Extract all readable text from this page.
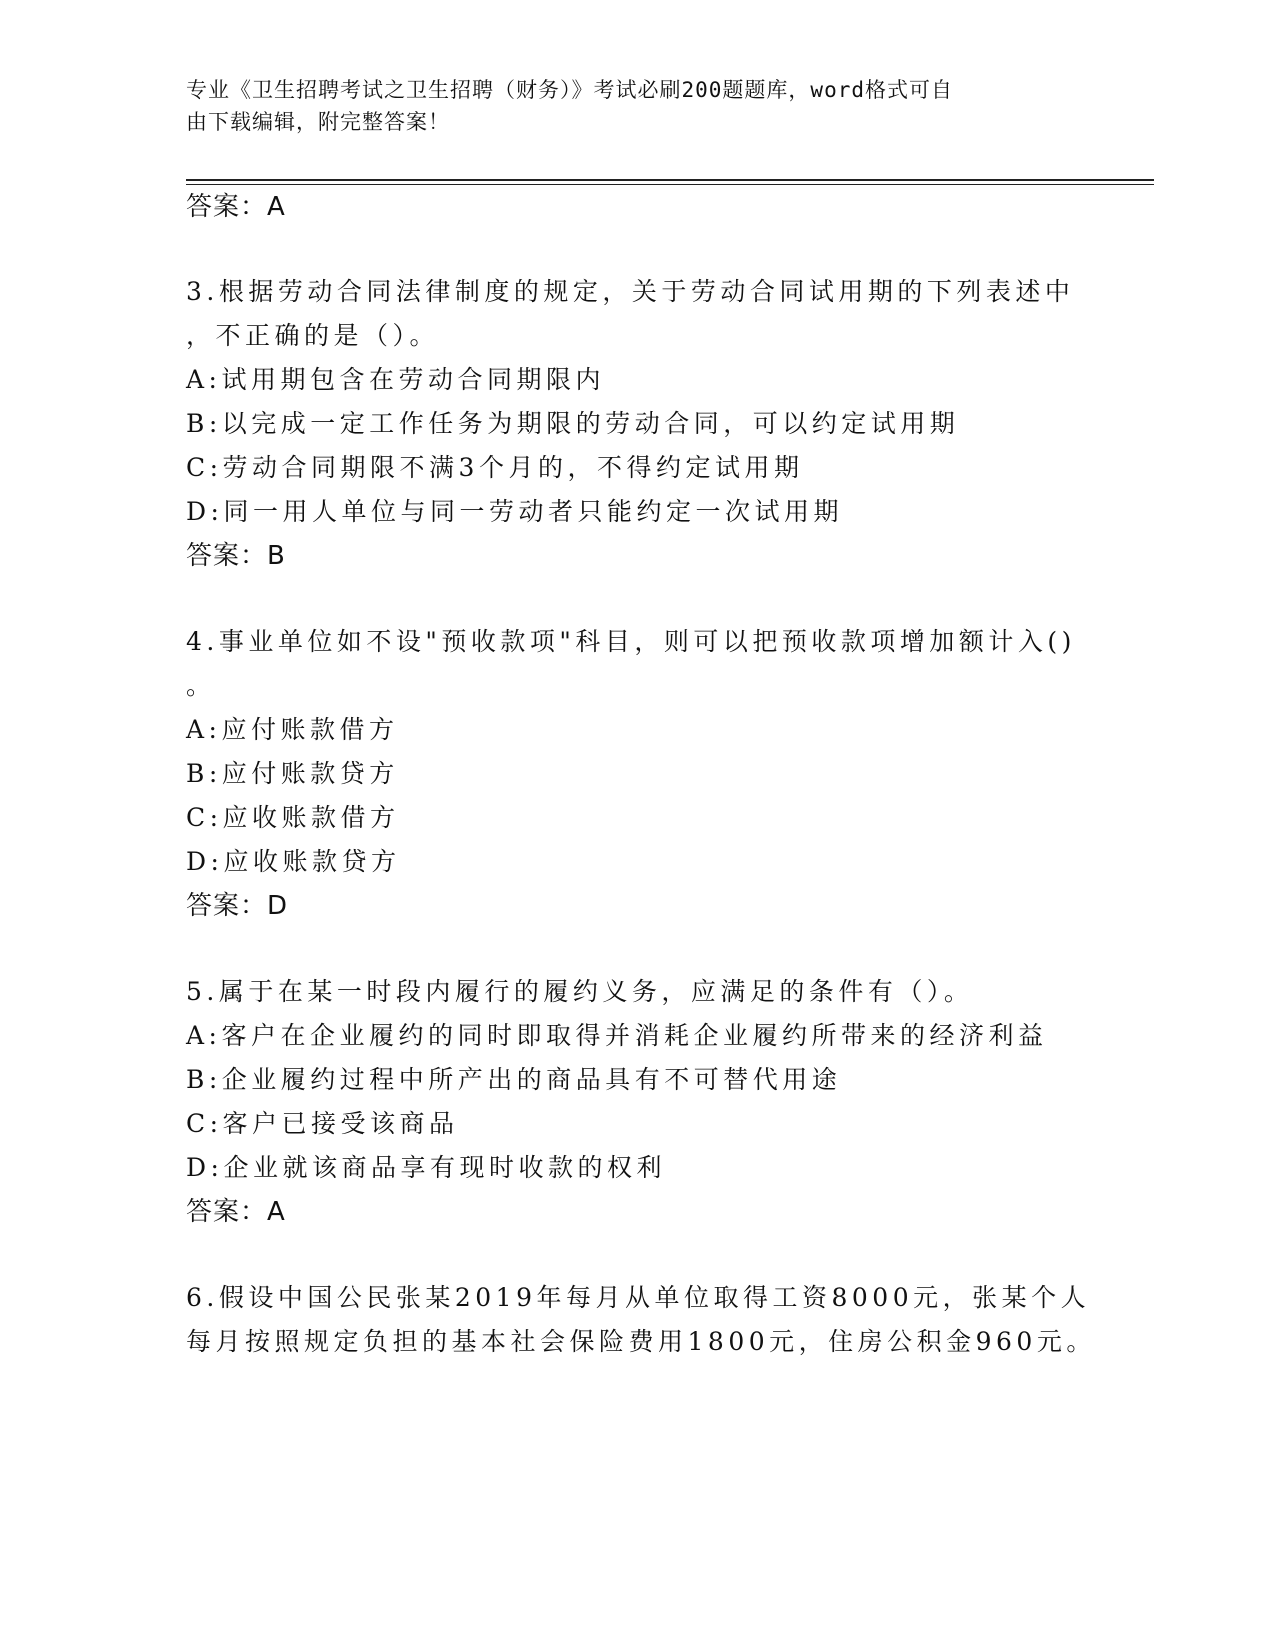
专业《卫生招聘考试之卫生招聘（财务）》考试必刷200题题库，word格式可自
由下载编辑，附完整答案！
答案：A
3.根据劳动合同法律制度的规定，关于劳动合同试用期的下列表述中
，不正确的是（）。
A:试用期包含在劳动合同期限内
B:以完成一定工作任务为期限的劳动合同，可以约定试用期
C:劳动合同期限不满3个月的，不得约定试用期
D:同一用人单位与同一劳动者只能约定一次试用期
答案：B
4.事业单位如不设"预收款项"科目，则可以把预收款项增加额计入()
。
A:应付账款借方
B:应付账款贷方
C:应收账款借方
D:应收账款贷方
答案：D
5.属于在某一时段内履行的履约义务，应满足的条件有（）。
A:客户在企业履约的同时即取得并消耗企业履约所带来的经济利益
B:企业履约过程中所产出的商品具有不可替代用途
C:客户已接受该商品
D:企业就该商品享有现时收款的权利
答案：A
6.假设中国公民张某2019年每月从单位取得工资8000元，张某个人
每月按照规定负担的基本社会保险费用1800元，住房公积金960元。
